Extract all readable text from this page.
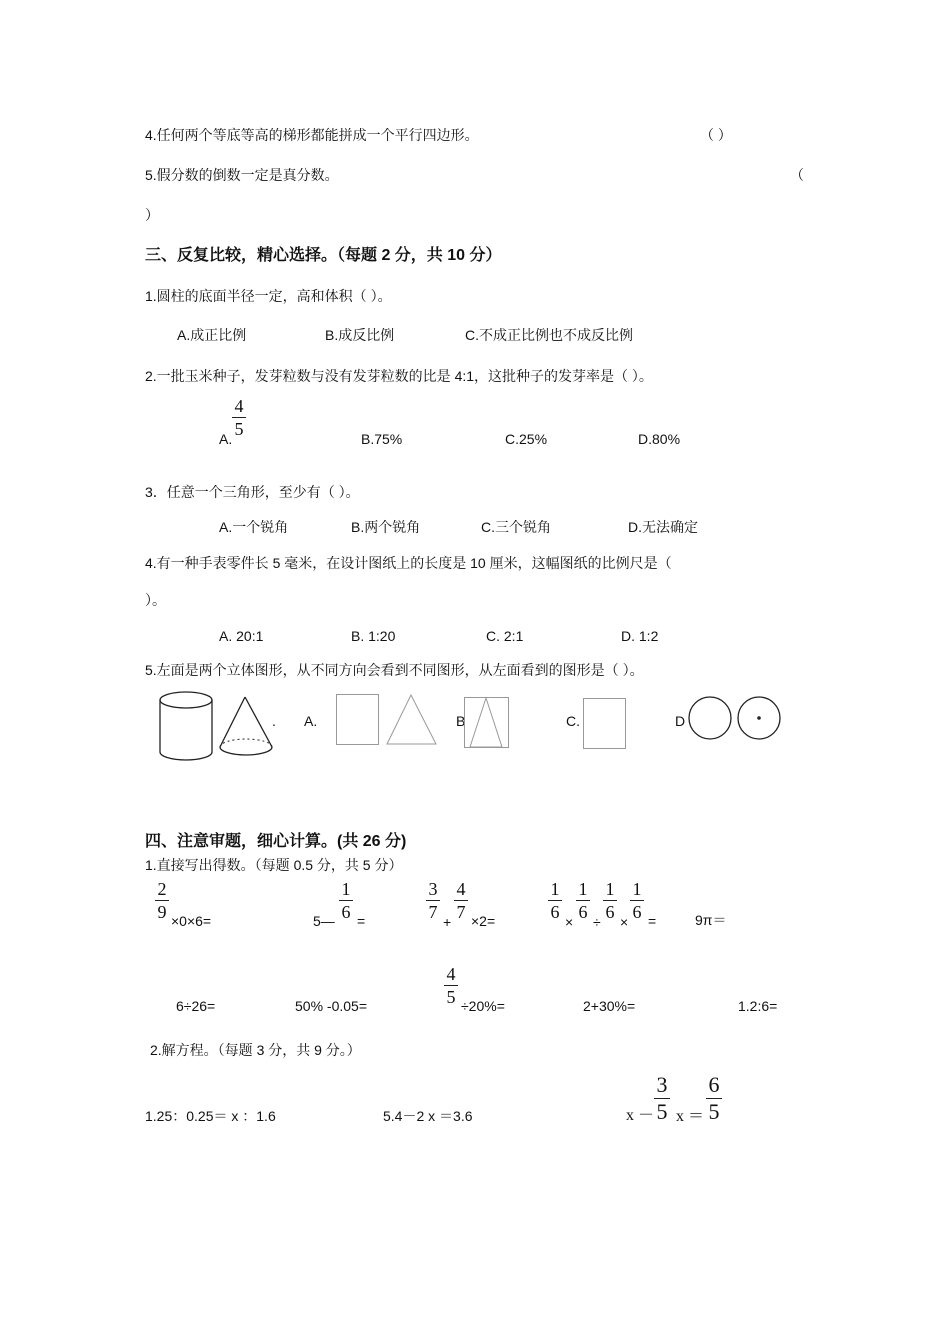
4.任何两个等底等高的梯形都能拼成一个平行四边形。	（ ）
5.假分数的倒数一定是真分数。	（
）
三、反复比较，精心选择。（每题 2 分，共 10 分）
1.圆柱的底面半径一定，高和体积（ ）。
A.成正比例	B.成反比例	C.不成正比例也不成反比例
2.一批玉米种子，发芽粒数与没有发芽粒数的比是 4:1，这批种子的发芽率是（ ）。
A.
4
5	B.75%	C.25%	D.80%
3．任意一个三角形，至少有（ ）。
A.一个锐角	B.两个锐角	C.三个锐角	D.无法确定
4.有一种手表零件长 5 毫米，在设计图纸上的长度是 10 厘米，这幅图纸的比例尺是（
）。
A. 20:1	B. 1:20	C. 2:1	D. 1:2
5.左面是两个立体图形，从不同方向会看到不同图形，从左面看到的图形是（ ）。
. A.	B	C.	D
四、注意审题，细心计算。(共 26 分)
1.直接写出得数。（每题 0.5 分，共 5 分）
2
9 ×0×6=	5—
1
6 =
3
7 +
4
7 ×2=
1
6 ×
1
6 ÷
1
6 ×
1
6 =	9π＝
6÷26=	50% -0.05=
4
5 ÷20%=	2+30%=	1.2:6=
2.解方程。（每题 3 分，共 9 分。）
1.25：0.25＝ x ：1.6	5.4－2 x ＝3.6	x －
3
5 x ＝
6
5
